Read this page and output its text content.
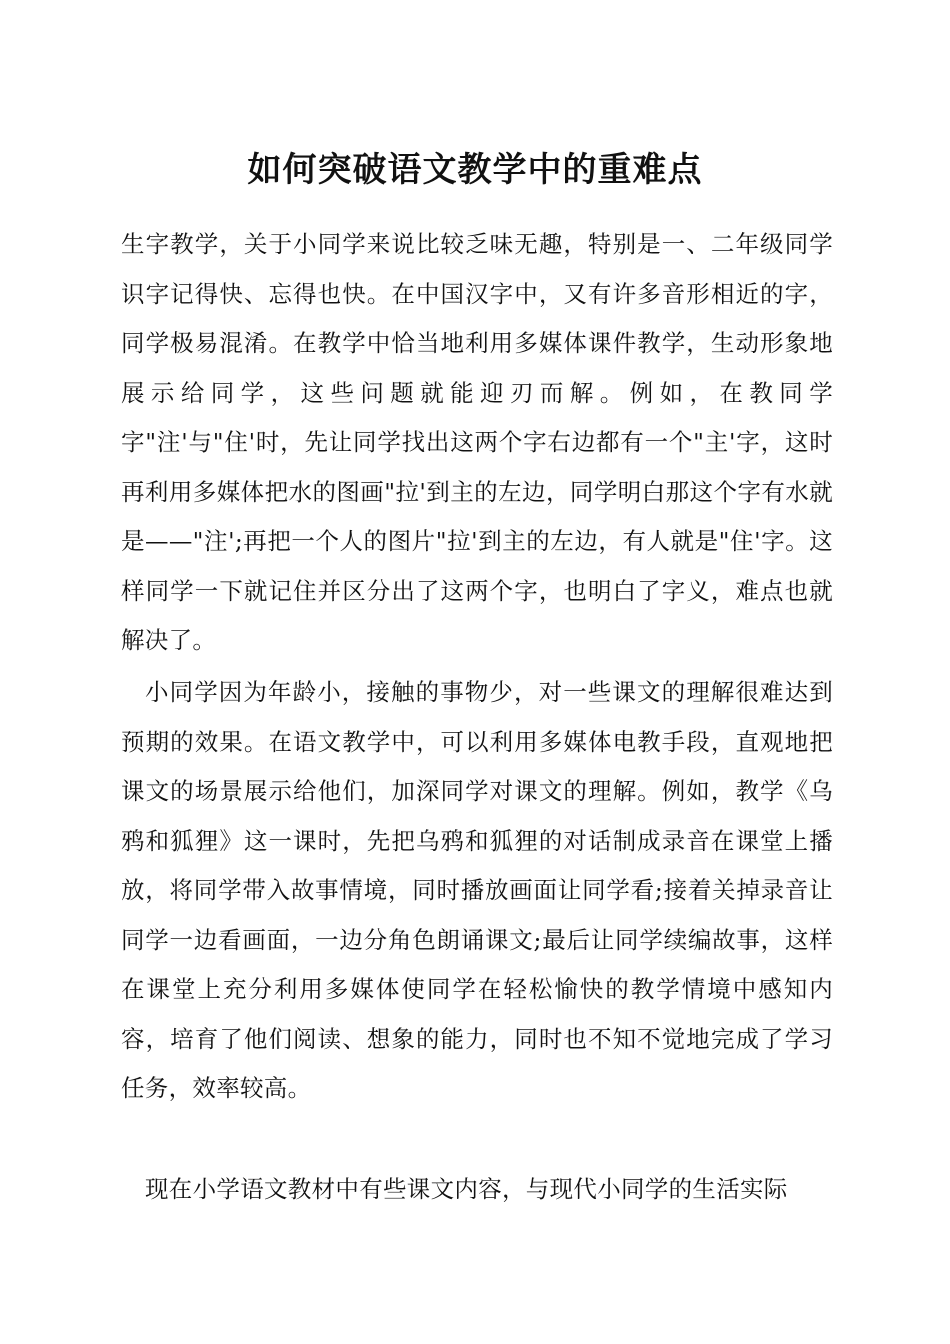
如何突破语文教学中的重难点

生字教学，关于小同学来说比较乏味无趣，特别是一、二年级同学识字记得快、忘得也快。在中国汉字中，又有许多音形相近的字，同学极易混淆。在教学中恰当地利用多媒体课件教学，生动形象地展示给同学，这些问题就能迎刃而解。例如，在教同学字"注'与"住'时，先让同学找出这两个字右边都有一个"主'字，这时再利用多媒体把水的图画"拉'到主的左边，同学明白那这个字有水就是——"注';再把一个人的图片"拉'到主的左边，有人就是"住'字。这样同学一下就记住并区分出了这两个字，也明白了字义，难点也就解决了。

小同学因为年龄小，接触的事物少，对一些课文的理解很难达到预期的效果。在语文教学中，可以利用多媒体电教手段，直观地把课文的场景展示给他们，加深同学对课文的理解。例如，教学《乌鸦和狐狸》这一课时，先把乌鸦和狐狸的对话制成录音在课堂上播放，将同学带入故事情境，同时播放画面让同学看;接着关掉录音让同学一边看画面，一边分角色朗诵课文;最后让同学续编故事，这样在课堂上充分利用多媒体使同学在轻松愉快的教学情境中感知内容，培育了他们阅读、想象的能力，同时也不知不觉地完成了学习任务，效率较高。

现在小学语文教材中有些课文内容，与现代小同学的生活实际
